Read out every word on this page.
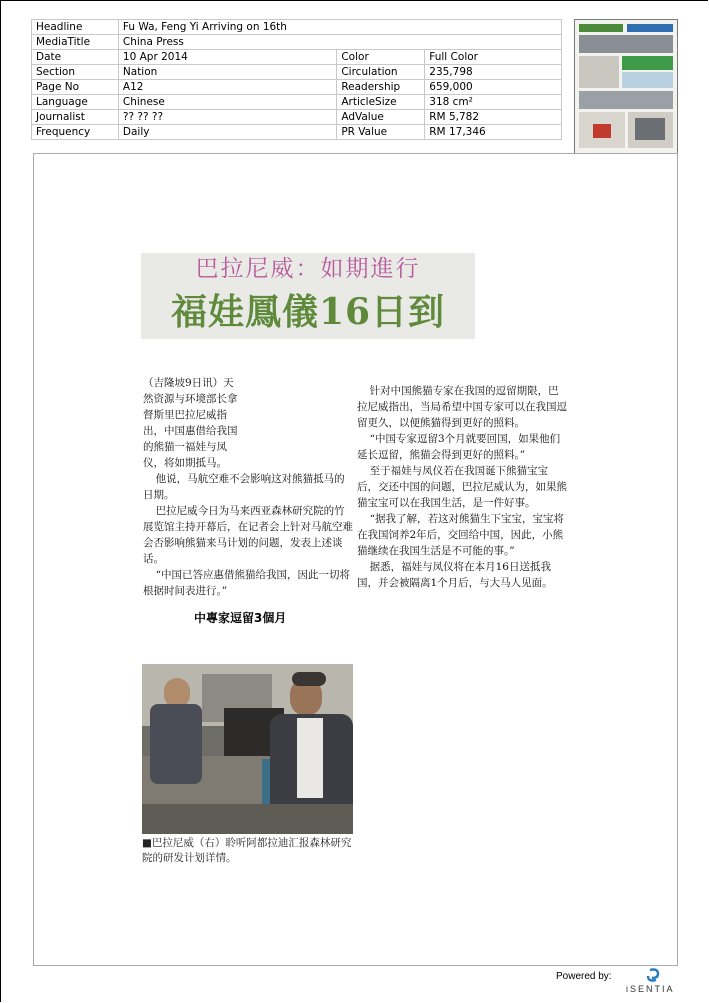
Headline	Fu Wa, Feng Yi Arriving on 16th		
MediaTitle	China Press		
Date	10 Apr 2014	Color	Full Color
Section	Nation	Circulation	235,798
Page No	A12	Readership	659,000
Language	Chinese	ArticleSize	318 cm²
Journalist	?? ?? ??	AdValue	RM 5,782
Frequency	Daily	PR Value	RM 17,346
巴拉尼威：如期進行
福娃鳳儀16日到

（吉隆坡9日讯）天然资源与环境部长拿督斯里巴拉尼威指出，中国惠借给我国的熊猫一福娃与凤仪，将如期抵马。

他说，马航空难不会影响这对熊猫抵马的日期。

巴拉尼威今日为马来西亚森林研究院的竹展览馆主持开幕后，在记者会上针对马航空难会否影响熊猫来马计划的问题，发表上述谈话。

“中国已答应惠借熊猫给我国，因此一切将根据时间表进行。”

中專家逗留3個月

针对中国熊猫专家在我国的逗留期限，巴拉尼威指出，当局希望中国专家可以在我国逗留更久，以便熊猫得到更好的照料。

“中国专家逗留3个月就要回国，如果他们延长逗留，熊猫会得到更好的照料。”

至于福娃与凤仪若在我国诞下熊猫宝宝后，交还中国的问题，巴拉尼威认为，如果熊猫宝宝可以在我国生活，是一件好事。

“据我了解，若这对熊猫生下宝宝，宝宝将在我国饲养2年后，交回给中国，因此，小熊猫继续在我国生活是不可能的事。”

据悉，福娃与凤仪将在本月16日送抵我国，并会被隔离1个月后，与大马人见面。

■巴拉尼威（右）聆听阿都拉迪汇报森林研究院的研发计划详情。
Powered by:
iSENTIA
